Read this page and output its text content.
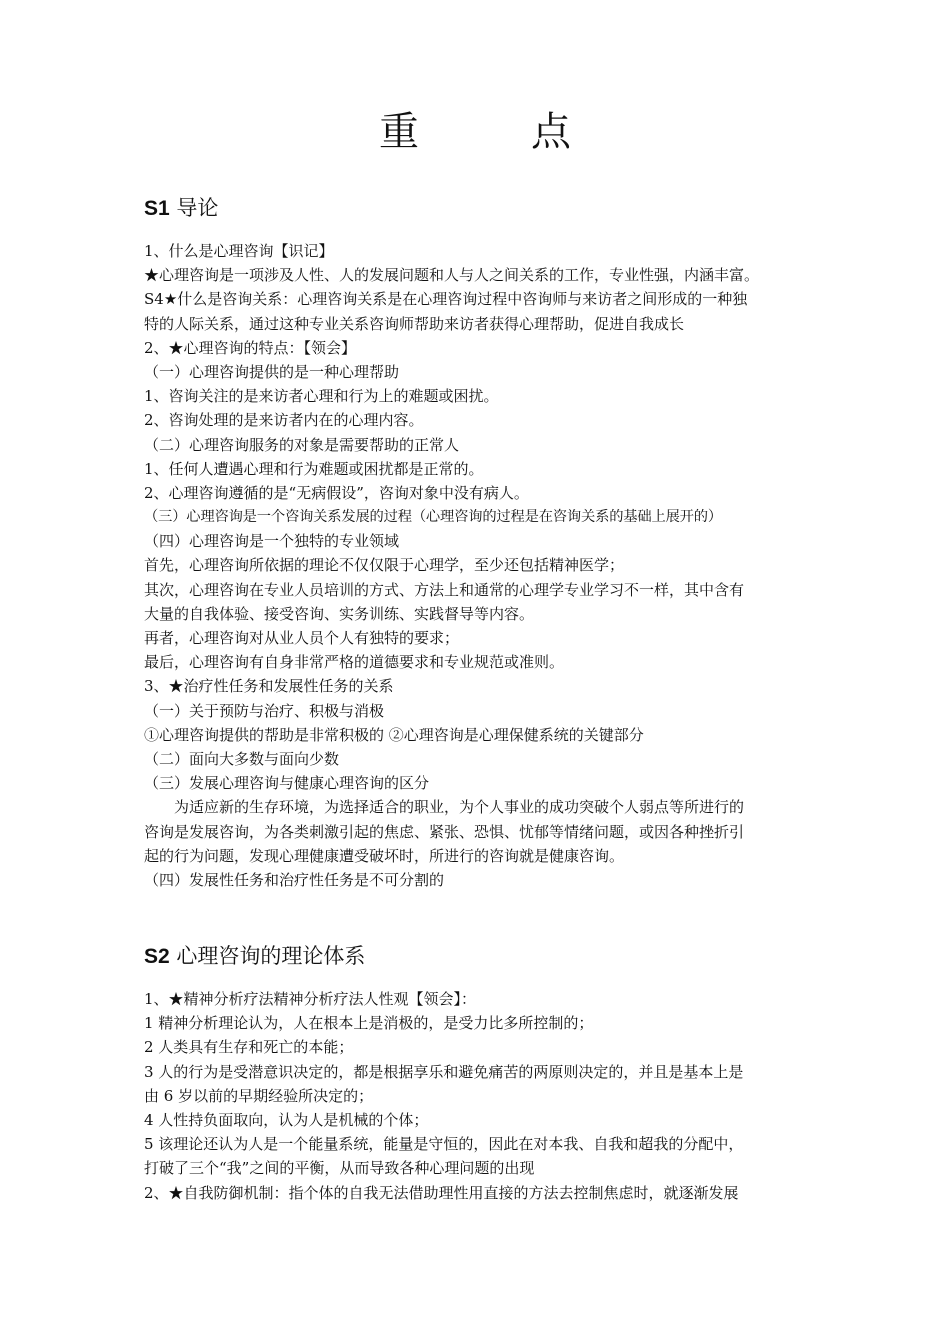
重　点
S1 导论
1、什么是心理咨询【识记】
★心理咨询是一项涉及人性、人的发展问题和人与人之间关系的工作，专业性强，内涵丰富。
S4★什么是咨询关系：心理咨询关系是在心理咨询过程中咨询师与来访者之间形成的一种独
特的人际关系，通过这种专业关系咨询师帮助来访者获得心理帮助，促进自我成长
2、★心理咨询的特点：【领会】
（一）心理咨询提供的是一种心理帮助
1、咨询关注的是来访者心理和行为上的难题或困扰。
2、咨询处理的是来访者内在的心理内容。
（二）心理咨询服务的对象是需要帮助的正常人
1、任何人遭遇心理和行为难题或困扰都是正常的。
2、心理咨询遵循的是“无病假设”，咨询对象中没有病人。
（三）心理咨询是一个咨询关系发展的过程（心理咨询的过程是在咨询关系的基础上展开的）
（四）心理咨询是一个独特的专业领域
首先，心理咨询所依据的理论不仅仅限于心理学，至少还包括精神医学；
其次，心理咨询在专业人员培训的方式、方法上和通常的心理学专业学习不一样，其中含有
大量的自我体验、接受咨询、实务训练、实践督导等内容。
再者，心理咨询对从业人员个人有独特的要求；
最后，心理咨询有自身非常严格的道德要求和专业规范或准则。
3、★治疗性任务和发展性任务的关系
（一）关于预防与治疗、积极与消极
①心理咨询提供的帮助是非常积极的 ②心理咨询是心理保健系统的关键部分
（二）面向大多数与面向少数
（三）发展心理咨询与健康心理咨询的区分
为适应新的生存环境，为选择适合的职业，为个人事业的成功突破个人弱点等所进行的
咨询是发展咨询，为各类刺激引起的焦虑、紧张、恐惧、忧郁等情绪问题，或因各种挫折引
起的行为问题，发现心理健康遭受破坏时，所进行的咨询就是健康咨询。
（四）发展性任务和治疗性任务是不可分割的
S2 心理咨询的理论体系
1、★精神分析疗法精神分析疗法人性观【领会】：
1 精神分析理论认为，人在根本上是消极的，是受力比多所控制的；
2 人类具有生存和死亡的本能；
3 人的行为是受潜意识决定的，都是根据享乐和避免痛苦的两原则决定的，并且是基本上是
由 6 岁以前的早期经验所决定的；
4 人性持负面取向，认为人是机械的个体；
5 该理论还认为人是一个能量系统，能量是守恒的，因此在对本我、自我和超我的分配中，
打破了三个“我”之间的平衡，从而导致各种心理问题的出现
2、★自我防御机制：指个体的自我无法借助理性用直接的方法去控制焦虑时，就逐渐发展
